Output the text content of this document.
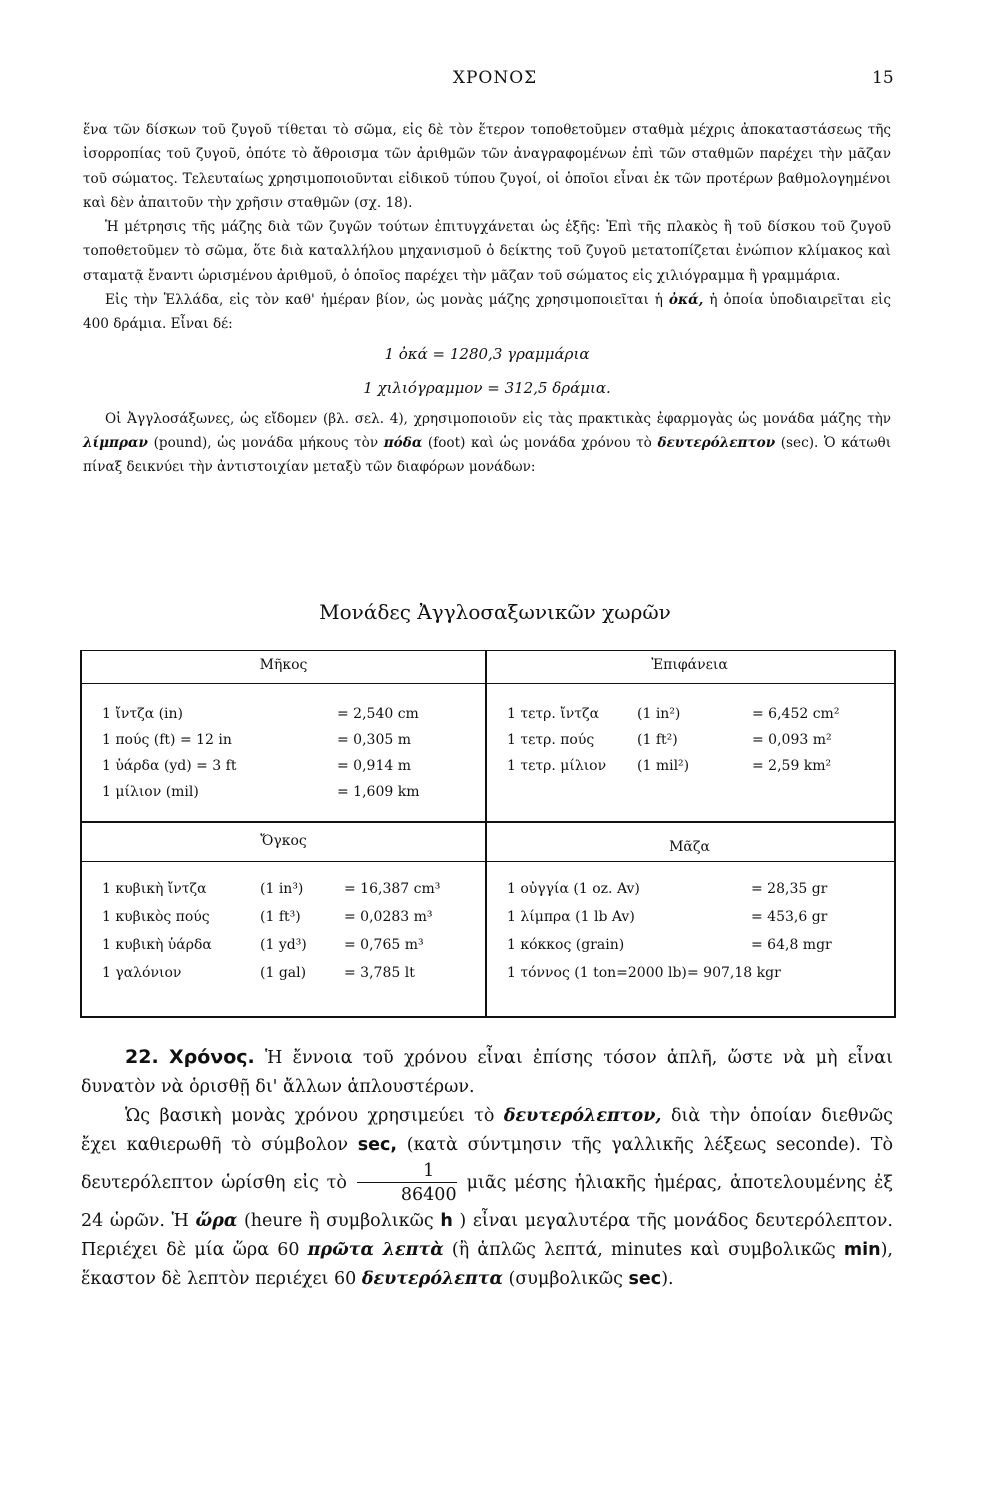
ΧΡΟΝΟΣ	15

ἕνα τῶν δίσκων τοῦ ζυγοῦ τίθεται τὸ σῶμα, εἰς δὲ τὸν ἕτερον τοποθετοῦμεν σταθμὰ μέχρις ἀποκαταστάσεως τῆς ἰσορροπίας τοῦ ζυγοῦ, ὁπότε τὸ ἄθροισμα τῶν ἀριθμῶν τῶν ἀναγραφομένων ἐπὶ τῶν σταθμῶν παρέχει τὴν μᾶζαν τοῦ σώματος. Τελευταίως χρησιμοποιοῦνται εἰδικοῦ τύπου ζυγοί, οἱ ὁποῖοι εἶναι ἐκ τῶν προτέρων βαθμολογημένοι καὶ δὲν ἀπαιτοῦν τὴν χρῆσιν σταθμῶν (σχ. 18).

Ἡ μέτρησις τῆς μάζης διὰ τῶν ζυγῶν τούτων ἐπιτυγχάνεται ὡς ἑξῆς: Ἐπὶ τῆς πλακὸς ἢ τοῦ δίσκου τοῦ ζυγοῦ τοποθετοῦμεν τὸ σῶμα, ὅτε διὰ καταλλήλου μηχανισμοῦ ὁ δείκτης τοῦ ζυγοῦ μετατοπίζεται ἐνώπιον κλίμακος καὶ σταματᾷ ἔναντι ὡρισμένου ἀριθμοῦ, ὁ ὁποῖος παρέχει τὴν μᾶζαν τοῦ σώματος εἰς χιλιόγραμμα ἢ γραμμάρια.

Εἰς τὴν Ἑλλάδα, εἰς τὸν καθ' ἡμέραν βίον, ὡς μονὰς μάζης χρησιμοποιεῖται ἡ ὀκά, ἡ ὁποία ὑποδιαιρεῖται εἰς 400 δράμια. Εἶναι δέ:

1 ὀκά = 1280,3 γραμμάρια
1 χιλιόγραμμον = 312,5 δράμια.

Οἱ Ἀγγλοσάξωνες, ὡς εἴδομεν (βλ. σελ. 4), χρησιμοποιοῦν εἰς τὰς πρακτικὰς ἐφαρμογὰς ὡς μονάδα μάζης τὴν λίμπραν (pound), ὡς μονάδα μήκους τὸν πόδα (foot) καὶ ὡς μονάδα χρόνου τὸ δευτερόλεπτον (sec). Ὁ κάτωθι πίναξ δεικνύει τὴν ἀντιστοιχίαν μεταξὺ τῶν διαφόρων μονάδων:

Μονάδες Ἀγγλοσαξωνικῶν χωρῶν
Μῆκος	Ἐπιφάνεια
1 ἴντζα (in)	= 2,540 cm
1 πούς (ft) = 12 in	= 0,305 m
1 ὑάρδα (yd) = 3 ft	= 0,914 m
1 μίλιον (mil)	= 1,609 km
1 τετρ. ἴντζα	(1 in²)	= 6,452 cm²
1 τετρ. πούς	(1 ft²)	= 0,093 m²
1 τετρ. μίλιον (1 mil²)	= 2,59 km²
Ὄγκος	Μᾶζα
1 κυβικὴ ἴντζα	(1 in³)	= 16,387 cm³
1 κυβικὸς πούς	(1 ft³)	= 0,0283 m³
1 κυβικὴ ὑάρδα	(1 yd³)	= 0,765 m³
1 γαλόνιον	(1 gal)	= 3,785 lt
1 οὐγγία (1 oz. Av)	= 28,35 gr
1 λίμπρα (1 lb Av)	= 453,6 gr
1 κόκκος (grain)	= 64,8 mgr
1 τόννος (1 ton=2000 lb) = 907,18 kgr

22. Χρόνος. Ἡ ἔννοια τοῦ χρόνου εἶναι ἐπίσης τόσον ἁπλῆ, ὥστε νὰ μὴ εἶναι δυνατὸν νὰ ὁρισθῇ δι' ἄλλων ἁπλουστέρων.

Ὡς βασικὴ μονὰς χρόνου χρησιμεύει τὸ δευτερόλεπτον, διὰ τὴν ὁποίαν διεθνῶς ἔχει καθιερωθῆ τὸ σύμβολον sec, (κατὰ σύντμησιν τῆς γαλλικῆς λέξεως seconde). Τὸ δευτερόλεπτον ὡρίσθη εἰς τὸ $\frac{1}{86400}$ μιᾶς μέσης ἡλιακῆς ἡμέρας, ἀποτελουμένης ἐξ 24 ὡρῶν. Ἡ ὥρα (heure ἢ συμβολικῶς h ) εἶναι μεγαλυτέρα τῆς μονάδος δευτερόλεπτον. Περιέχει δὲ μία ὥρα 60 πρῶτα λεπτὰ (ἢ ἁπλῶς λεπτά, minutes καὶ συμβολικῶς min), ἕκαστον δὲ λεπτὸν περιέχει 60 δευτερόλεπτα (συμβολικῶς sec).
